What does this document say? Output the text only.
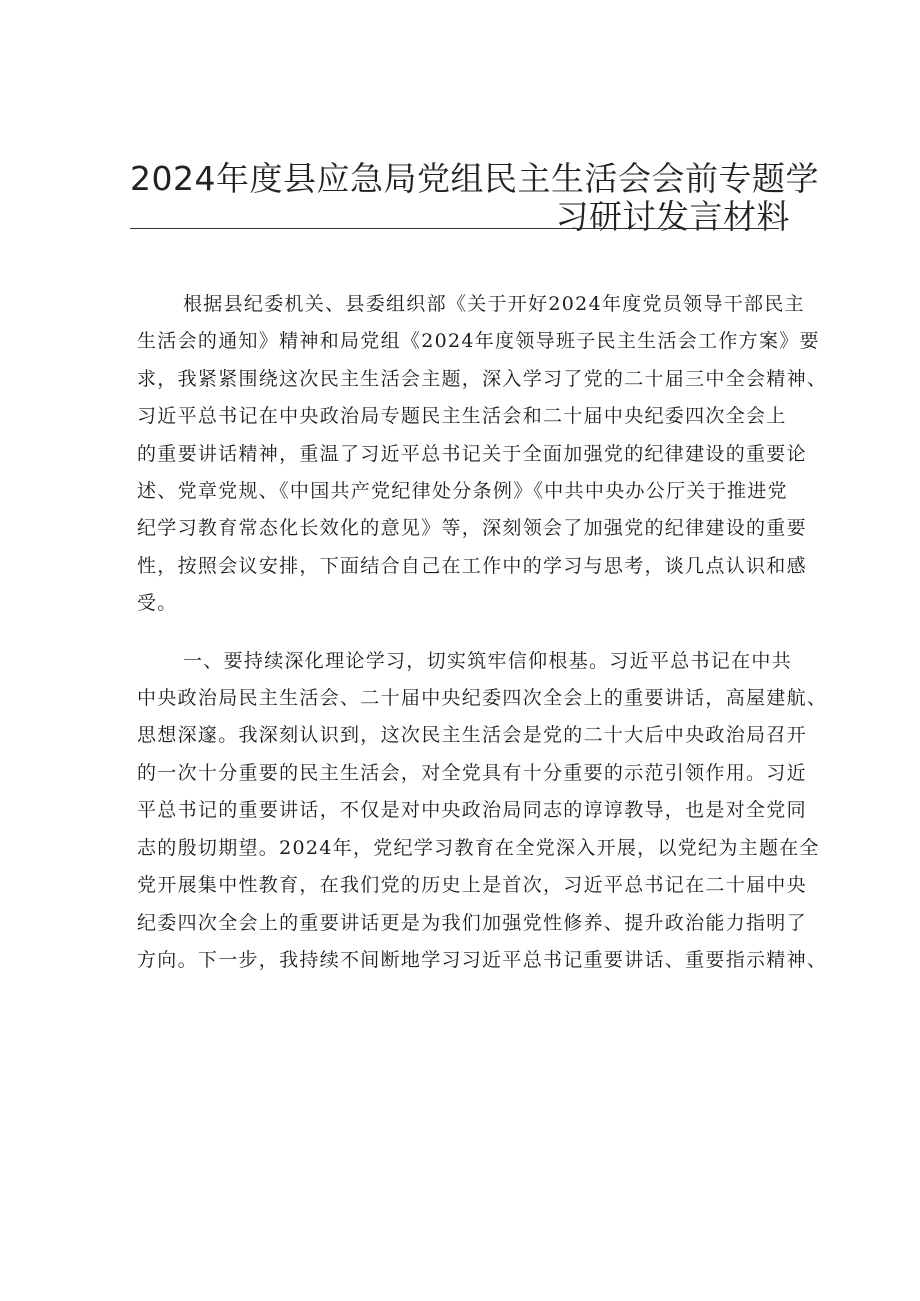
2024年度县应急局党组民主生活会会前专题学
习研讨发言材料

根据县纪委机关、县委组织部《关于开好2024年度党员领导干部民主
生活会的通知》精神和局党组《2024年度领导班子民主生活会工作方案》要
求，我紧紧围绕这次民主生活会主题，深入学习了党的二十届三中全会精神、
习近平总书记在中央政治局专题民主生活会和二十届中央纪委四次全会上
的重要讲话精神，重温了习近平总书记关于全面加强党的纪律建设的重要论
述、党章党规、《中国共产党纪律处分条例》《中共中央办公厅关于推进党
纪学习教育常态化长效化的意见》等，深刻领会了加强党的纪律建设的重要
性，按照会议安排，下面结合自己在工作中的学习与思考，谈几点认识和感
受。

一、要持续深化理论学习，切实筑牢信仰根基。习近平总书记在中共
中央政治局民主生活会、二十届中央纪委四次全会上的重要讲话，高屋建航、
思想深邃。我深刻认识到，这次民主生活会是党的二十大后中央政治局召开
的一次十分重要的民主生活会，对全党具有十分重要的示范引领作用。习近
平总书记的重要讲话，不仅是对中央政治局同志的谆谆教导，也是对全党同
志的殷切期望。2024年，党纪学习教育在全党深入开展，以党纪为主题在全
党开展集中性教育，在我们党的历史上是首次，习近平总书记在二十届中央
纪委四次全会上的重要讲话更是为我们加强党性修养、提升政治能力指明了
方向。下一步，我持续不间断地学习习近平总书记重要讲话、重要指示精神、
